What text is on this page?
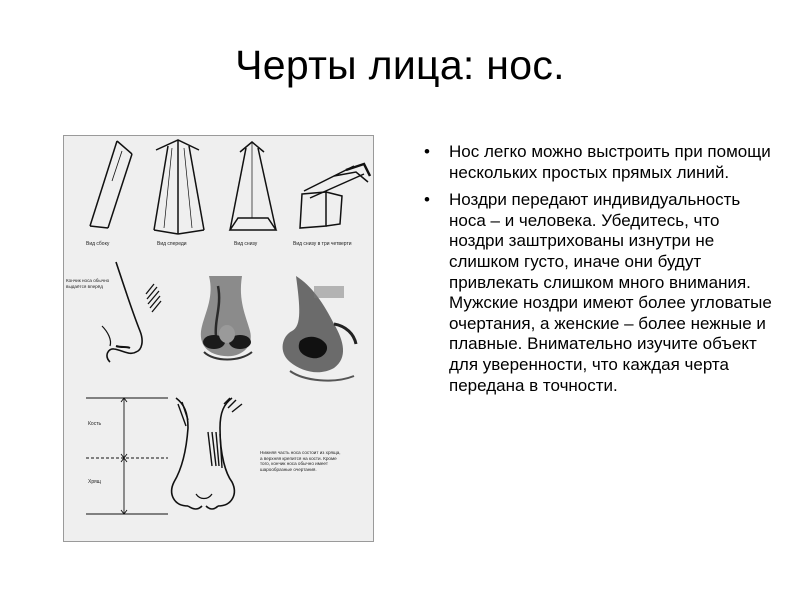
Черты лица: нос.
Вид сбоку	Вид спереди	Вид снизу	Вид снизу в три четверти
Кончик носа обычно выдаётся вперёд
Кость
Хрящ
Нижняя часть носа состоит из хряща, а верхняя крепится на кости. Кроме того, кончик носа обычно имеет шарообразные очертания.
• Нос легко можно выстроить при помощи нескольких простых прямых линий.
• Ноздри передают индивидуальность носа – и человека. Убедитесь, что ноздри заштрихованы изнутри не слишком густо, иначе они будут привлекать слишком много внимания. Мужские ноздри имеют более угловатые очертания, а женские – более нежные и плавные. Внимательно изучите объект для уверенности, что каждая черта передана в точности.
